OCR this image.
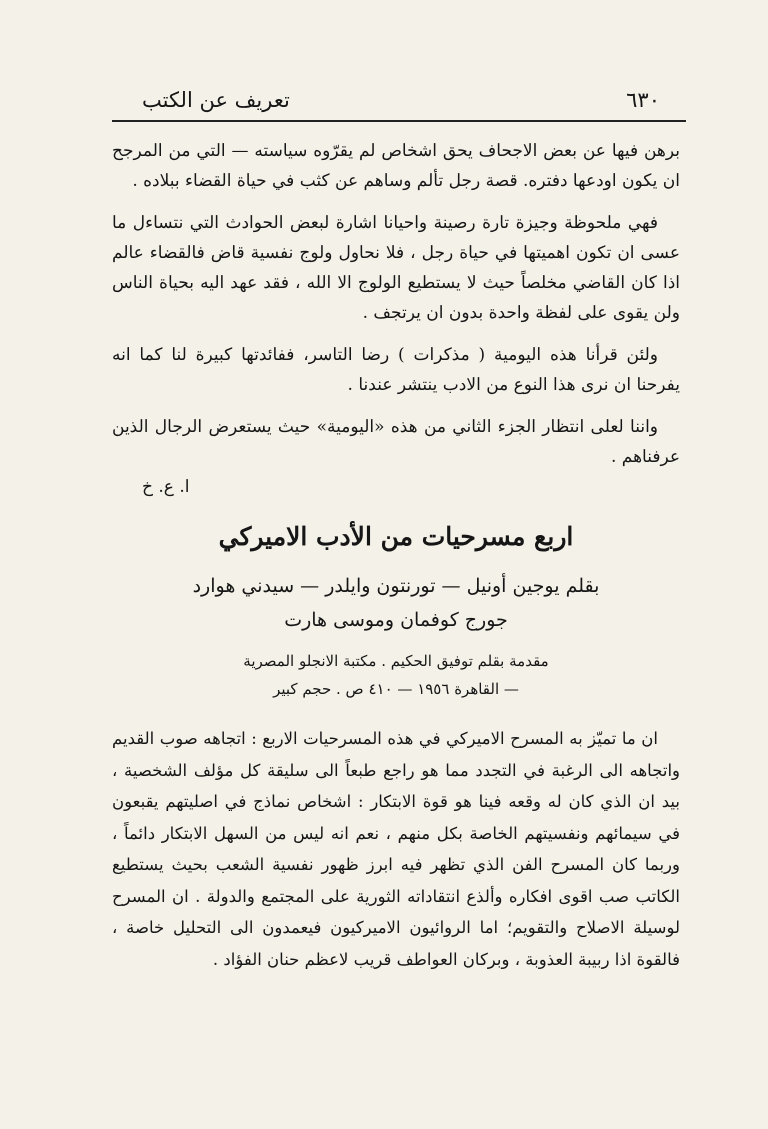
٦٣٠
تعريف عن الكتب

برهن فيها عن بعض الاجحاف يحق اشخاص لم يقرّوه سياسته — التي من المرجح ان يكون اودعها دفتره. قصة رجل تألم وساهم عن كثب في حياة القضاء ببلاده .

فهي ملحوظة وجيزة تارة رصينة واحيانا اشارة لبعض الحوادث التي نتساءل ما عسى ان تكون اهميتها في حياة رجل ، فلا نحاول ولوج نفسية قاض فالقضاء عالم اذا كان القاضي مخلصاً حيث لا يستطيع الولوج الا الله ، فقد عهد اليه بحياة الناس ولن يقوى على لفظة واحدة بدون ان يرتجف .

ولئن قرأنا هذه اليومية ( مذكرات ) رضا التاسر، ففائدتها كبيرة لنا كما انه يفرحنا ان نرى هذا النوع من الادب ينتشر عندنا .

واننا لعلى انتظار الجزء الثاني من هذه «اليومية» حيث يستعرض الرجال الذين عرفناهم .

ا. ع. خ
اربع مسرحيات من الأدب الاميركي

بقلم يوجين أونيل — تورنتون وايلدر — سيدني هوارد

جورج كوفمان وموسى هارت

مقدمة بقلم توفيق الحكيم . مكتبة الانجلو المصرية

— القاهرة ١٩٥٦ — ٤١٠ ص . حجم كبير

ان ما تميّز به المسرح الاميركي في هذه المسرحيات الاربع : اتجاهه صوب القديم واتجاهه الى الرغبة في التجدد مما هو راجع طبعاً الى سليقة كل مؤلف الشخصية ، بيد ان الذي كان له وقعه فينا هو قوة الابتكار : اشخاص نماذج في اصليتهم يقبعون في سيمائهم ونفسيتهم الخاصة بكل منهم ، نعم انه ليس من السهل الابتكار دائماً ، وربما كان المسرح الفن الذي تظهر فيه ابرز ظهور نفسية الشعب بحيث يستطيع الكاتب صب اقوى افكاره وألذع انتقاداته الثورية على المجتمع والدولة . ان المسرح لوسيلة الاصلاح والتقويم؛ اما الروائيون الاميركيون فيعمدون الى التحليل خاصة ، فالقوة اذا ربيبة العذوبة ، وبركان العواطف قريب لاعظم حنان الفؤاد .
